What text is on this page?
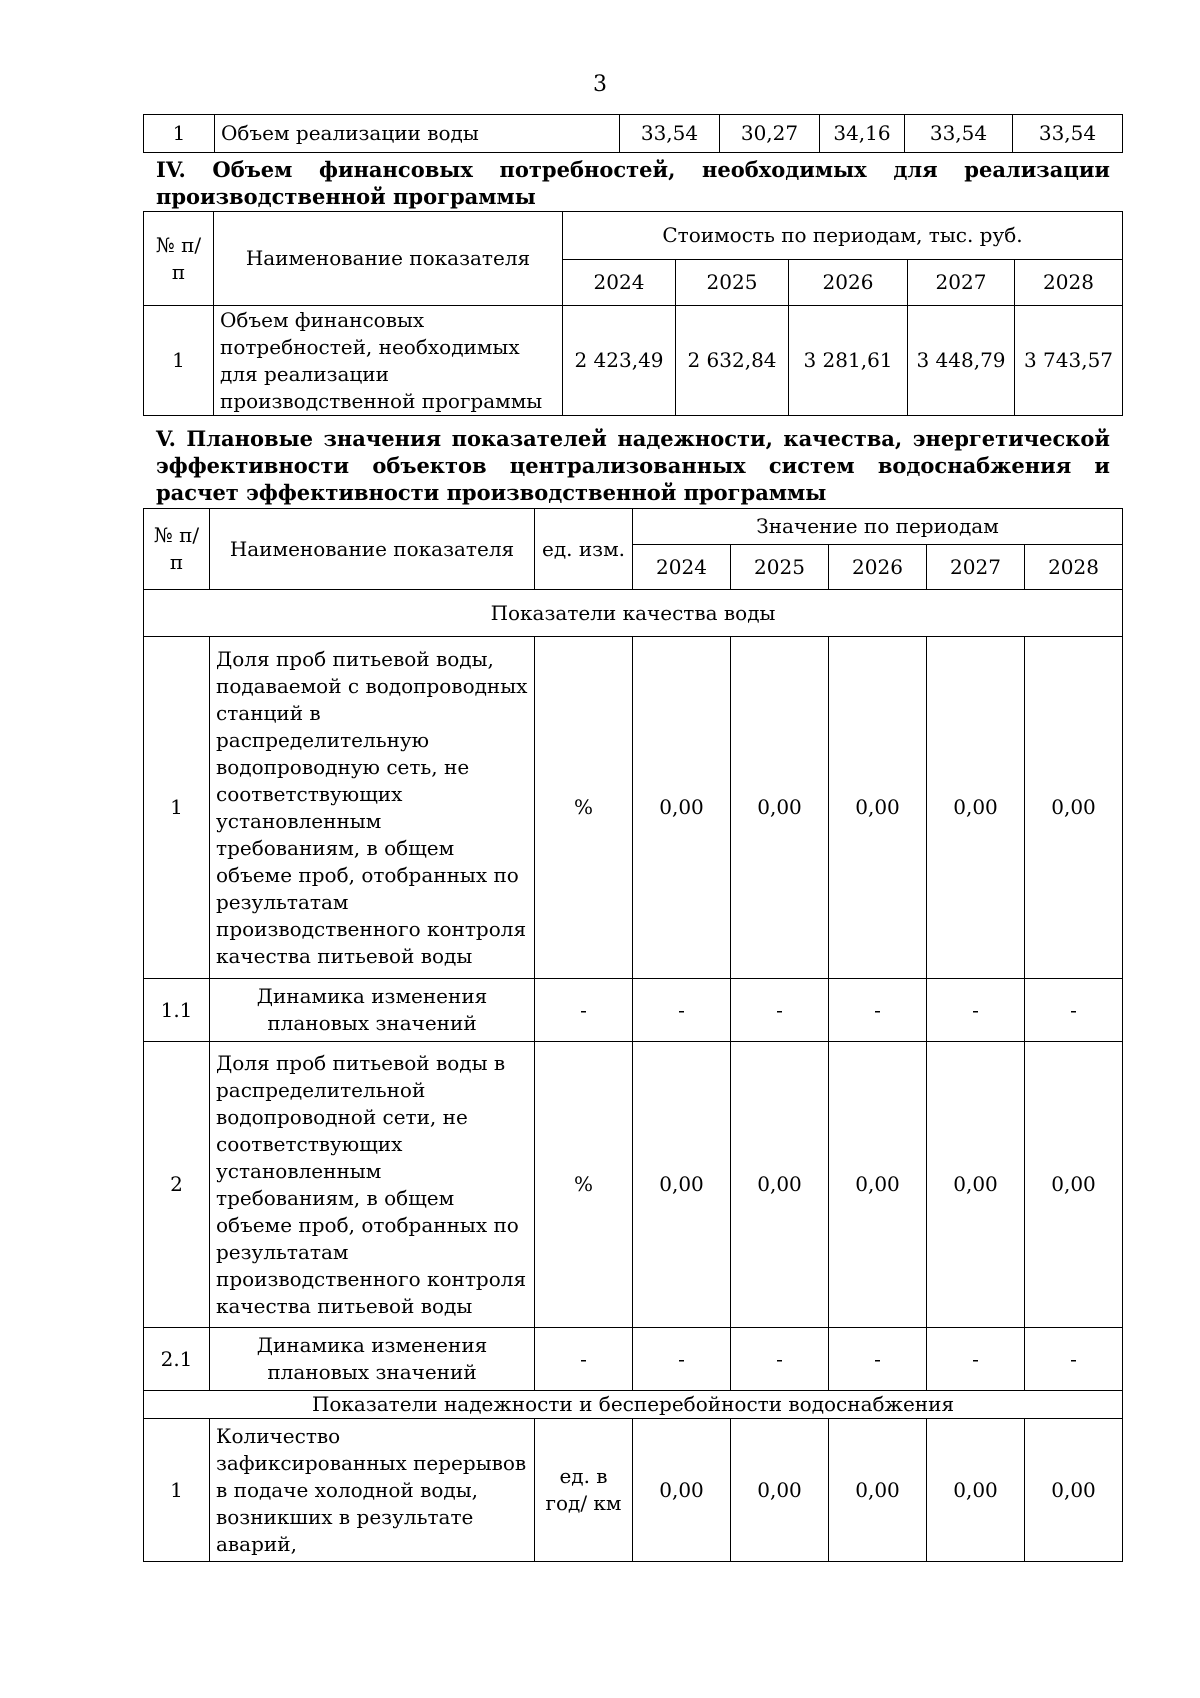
3
1	Объем реализации воды	33,54	30,27	34,16	33,54	33,54
IV. Объем финансовых потребностей, необходимых для реализации производственной программы
№ п/п	Наименование показателя	Стоимость по периодам, тыс. руб.				
		2024	2025	2026	2027	2028
1	Объем финансовых потребностей, необходимых для реализации производственной программы	2 423,49	2 632,84	3 281,61	3 448,79	3 743,57
V. Плановые значения показателей надежности, качества, энергетической эффективности объектов централизованных систем водоснабжения и расчет эффективности производственной программы
№ п/п	Наименование показателя	ед. изм.	Значение по периодам				
			2024	2025	2026	2027	2028
Показатели качества воды							
1	Доля проб питьевой воды, подаваемой с водопроводных станций в распределительную водопроводную сеть, не соответствующих установленным требованиям, в общем объеме проб, отобранных по результатам производственного контроля качества питьевой воды	%	0,00	0,00	0,00	0,00	0,00
1.1	Динамика изменения плановых значений	-	-	-	-	-	-
2	Доля проб питьевой воды в распределительной водопроводной сети, не соответствующих установленным требованиям, в общем объеме проб, отобранных по результатам производственного контроля качества питьевой воды	%	0,00	0,00	0,00	0,00	0,00
2.1	Динамика изменения плановых значений	-	-	-	-	-	-
Показатели надежности и бесперебойности водоснабжения							
1	Количество зафиксированных перерывов в подаче холодной воды, возникших в результате аварий,	ед. в год/ км	0,00	0,00	0,00	0,00	0,00
